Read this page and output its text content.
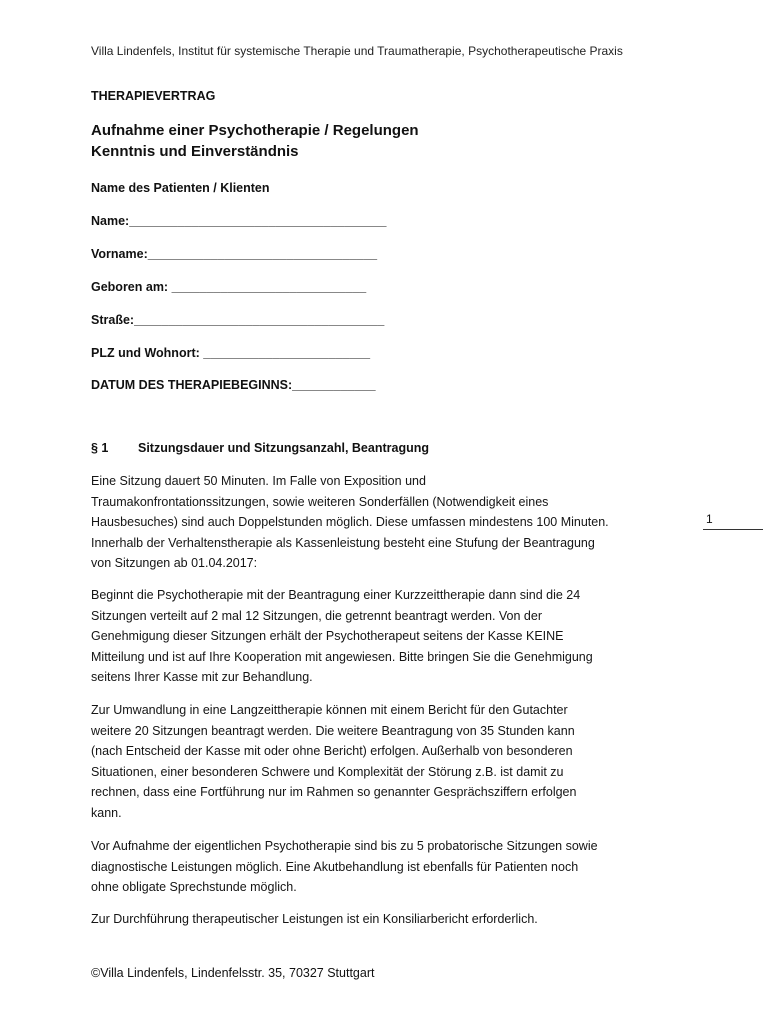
Villa Lindenfels, Institut für systemische Therapie und Traumatherapie, Psychotherapeutische Praxis
THERAPIEVERTRAG
Aufnahme einer Psychotherapie / Regelungen
Kenntnis und Einverständnis
Name des Patienten / Klienten
Name:_____________________________________
Vorname:_________________________________
Geboren am: ____________________________
Straße:____________________________________
PLZ und Wohnort: ________________________
DATUM DES THERAPIEBEGINNS:____________
§ 1 Sitzungsdauer und Sitzungsanzahl, Beantragung
Eine Sitzung dauert 50 Minuten. Im Falle von Exposition und
Traumakonfrontationssitzungen, sowie weiteren Sonderfällen (Notwendigkeit eines
Hausbesuches) sind auch Doppelstunden möglich. Diese umfassen mindestens 100 Minuten.
Innerhalb der Verhaltenstherapie als Kassenleistung besteht eine Stufung der Beantragung
von Sitzungen ab 01.04.2017:
Beginnt die Psychotherapie mit der Beantragung einer Kurzzeittherapie dann sind die 24
Sitzungen verteilt auf 2 mal 12 Sitzungen, die getrennt beantragt werden. Von der
Genehmigung dieser Sitzungen erhält der Psychotherapeut seitens der Kasse KEINE
Mitteilung und ist auf Ihre Kooperation mit angewiesen. Bitte bringen Sie die Genehmigung
seitens Ihrer Kasse mit zur Behandlung.
Zur Umwandlung in eine Langzeittherapie können mit einem Bericht für den Gutachter
weitere 20 Sitzungen beantragt werden. Die weitere Beantragung von 35 Stunden kann
(nach Entscheid der Kasse mit oder ohne Bericht) erfolgen. Außerhalb von besonderen
Situationen, einer besonderen Schwere und Komplexität der Störung z.B. ist damit zu
rechnen, dass eine Fortführung nur im Rahmen so genannter Gesprächsziffern erfolgen
kann.
Vor Aufnahme der eigentlichen Psychotherapie sind bis zu 5 probatorische Sitzungen sowie
diagnostische Leistungen möglich. Eine Akutbehandlung ist ebenfalls für Patienten noch
ohne obligate Sprechstunde möglich.
Zur Durchführung therapeutischer Leistungen ist ein Konsiliarbericht erforderlich.
1
©Villa Lindenfels, Lindenfelsstr. 35, 70327 Stuttgart
